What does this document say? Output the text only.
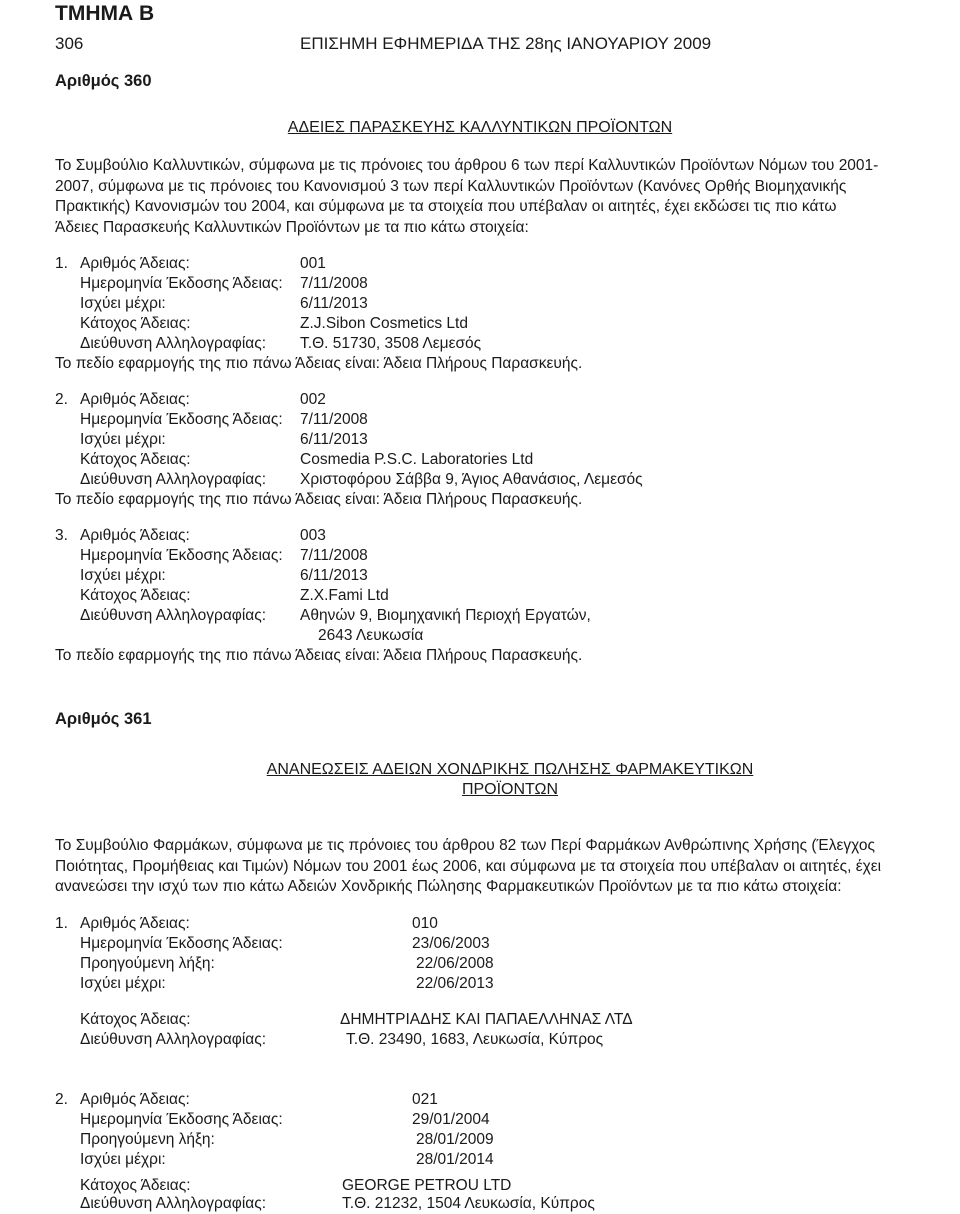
ΤΜΗΜΑ Β
306	ΕΠΙΣΗΜΗ ΕΦΗΜΕΡΙΔΑ ΤΗΣ 28ης ΙΑΝΟΥΑΡΙΟΥ 2009
Αριθμός 360
ΑΔΕΙΕΣ ΠΑΡΑΣΚΕΥΗΣ ΚΑΛΛΥΝΤΙΚΩΝ ΠΡΟΪΟΝΤΩΝ
Το Συμβούλιο Καλλυντικών, σύμφωνα με τις πρόνοιες του άρθρου 6 των περί Καλλυντικών Προϊόντων Νόμων του 2001-
2007, σύμφωνα με τις πρόνοιες του Κανονισμού 3 των περί Καλλυντικών Προϊόντων (Κανόνες Ορθής Βιομηχανικής
Πρακτικής) Κανονισμών του 2004, και σύμφωνα με τα στοιχεία που υπέβαλαν οι αιτητές, έχει εκδώσει τις πιο κάτω
Άδειες Παρασκευής Καλλυντικών Προϊόντων με τα πιο κάτω στοιχεία:
1. Αριθμός Άδειας:	001
Ημερομηνία Έκδοσης Άδειας: 7/11/2008
Ισχύει μέχρι:	6/11/2013
Κάτοχος Άδειας:	Z.J.Sibon Cosmetics Ltd
Διεύθυνση Αλληλογραφίας: Τ.Θ. 51730, 3508 Λεμεσός
Το πεδίο εφαρμογής της πιο πάνω Άδειας είναι: Άδεια Πλήρους Παρασκευής.
2. Αριθμός Άδειας:	002
Ημερομηνία Έκδοσης Άδειας: 7/11/2008
Ισχύει μέχρι:	6/11/2013
Κάτοχος Άδειας:	Cosmedia P.S.C. Laboratories Ltd
Διεύθυνση Αλληλογραφίας: Χριστοφόρου Σάββα 9, Άγιος Αθανάσιος, Λεμεσός
Το πεδίο εφαρμογής της πιο πάνω Άδειας είναι: Άδεια Πλήρους Παρασκευής.
3. Αριθμός Άδειας:	003
Ημερομηνία Έκδοσης Άδειας: 7/11/2008
Ισχύει μέχρι:	6/11/2013
Κάτοχος Άδειας:	Z.X.Fami Ltd
Διεύθυνση Αλληλογραφίας: Αθηνών 9, Βιομηχανική Περιοχή Εργατών,
2643 Λευκωσία
Το πεδίο εφαρμογής της πιο πάνω Άδειας είναι: Άδεια Πλήρους Παρασκευής.
Αριθμός 361
ΑΝΑΝΕΩΣΕΙΣ ΑΔΕΙΩΝ ΧΟΝΔΡΙΚΗΣ ΠΩΛΗΣΗΣ ΦΑΡΜΑΚΕΥΤΙΚΩΝ
ΠΡΟΪΟΝΤΩΝ
Το Συμβούλιο Φαρμάκων, σύμφωνα με τις πρόνοιες του άρθρου 82 των Περί Φαρμάκων Ανθρώπινης Χρήσης (Έλεγχος
Ποιότητας, Προμήθειας και Τιμών) Νόμων του 2001 έως 2006, και σύμφωνα με τα στοιχεία που υπέβαλαν οι αιτητές, έχει
ανανεώσει την ισχύ των πιο κάτω Αδειών Χονδρικής Πώλησης Φαρμακευτικών Προϊόντων με τα πιο κάτω στοιχεία:
1. Αριθμός Άδειας:	010
Ημερομηνία Έκδοσης Άδειας:	23/06/2003
Προηγούμενη λήξη:	22/06/2008
Ισχύει μέχρι:	22/06/2013
Κάτοχος Άδειας:	ΔΗΜΗΤΡΙΑΔΗΣ ΚΑΙ ΠΑΠΑΕΛΛΗΝΑΣ ΛΤΔ
Διεύθυνση Αλληλογραφίας:	Τ.Θ. 23490, 1683, Λευκωσία, Κύπρος
2. Αριθμός Άδειας:	021
Ημερομηνία Έκδοσης Άδειας:	29/01/2004
Προηγούμενη λήξη:	28/01/2009
Ισχύει μέχρι:	28/01/2014
Κάτοχος Άδειας:	GEORGE PETROU LTD
Διεύθυνση Αλληλογραφίας:	Τ.Θ. 21232, 1504 Λευκωσία, Κύπρος
